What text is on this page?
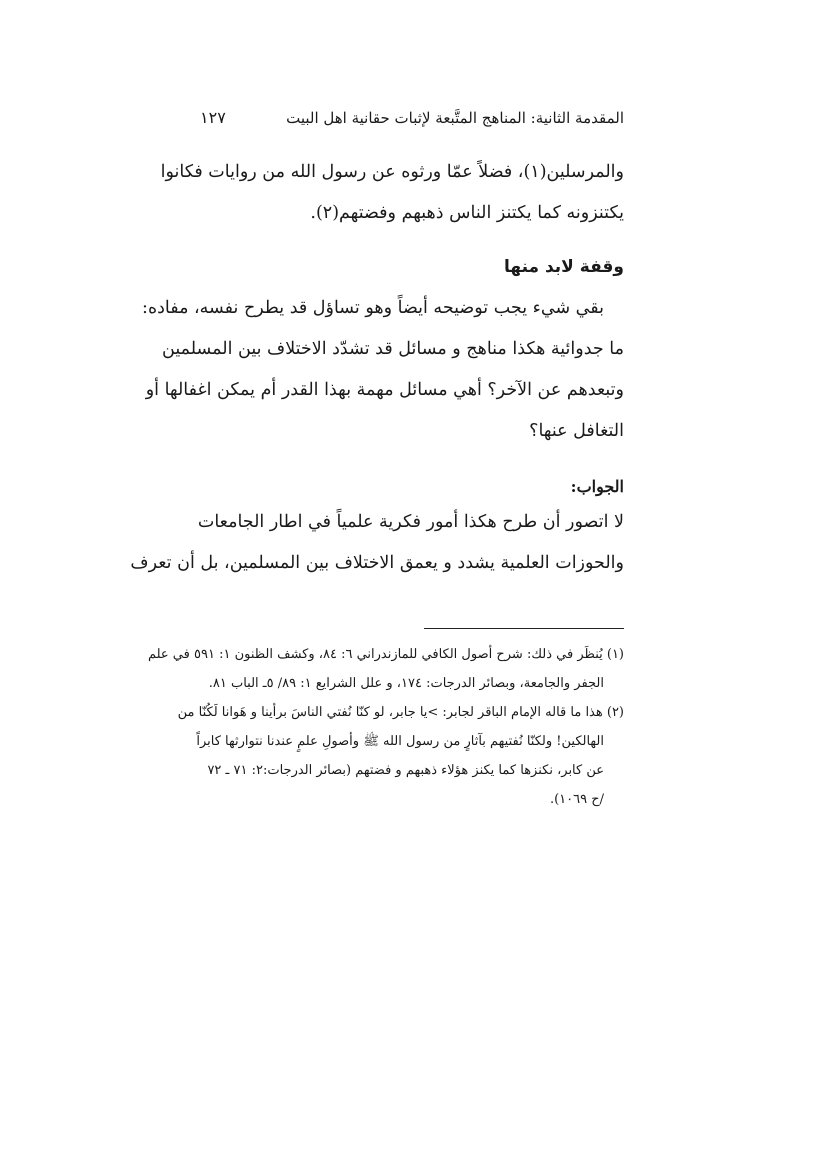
المقدمة الثانية: المناهج المتَّبعة لإثبات حقانية اهل البيت
١٢٧
والمرسلين(١)، فضلاً عمّا ورثوه عن رسول الله من روايات فكانوا
يكتنزونه كما يكتنز الناس ذهبهم وفضتهم(٢).
وقفة لابد منها
بقي شيء يجب توضيحه أيضاً وهو تساؤل قد يطرح نفسه، مفاده:
ما جدوائية هكذا مناهج و مسائل قد تشدّد الاختلاف بين المسلمين
وتبعدهم عن الآخر؟ أهي مسائل مهمة بهذا القدر أم يمكن اغفالها أو
التغافل عنها؟
الجواب:
لا اتصور أن طرح هكذا أمور فكرية علمياً في اطار الجامعات
والحوزات العلمية يشدد و يعمق الاختلاف بين المسلمين، بل أن تعرف
(١) يُنظَر في ذلك: شرح أصول الكافي للمازندراني ٦: ٨٤، وكشف الظنون ١: ٥٩١ في علم
الجفر والجامعة، وبصائر الدرجات: ١٧٤، و علل الشرايع ١: ٨٩/ ٥ـ الباب ٨١.
(٢) هذا ما قاله الإمام الباقر لجابر: >يا جابر، لو كنّا نُفتي الناسَ برأينا و هَوانا لَكُنّا من
الهالكين! ولكنّا نُفتيهم بآثارٍ من رسول الله ﷺ وأصولِ علمٍ عندنا نتوارثها كابراً
عن كابر، نكنزها كما يكنز هؤلاء ذهبهم و فضتهم (بصائر الدرجات:٢: ٧١ ـ ٧٢
/ح ١٠٦٩).
